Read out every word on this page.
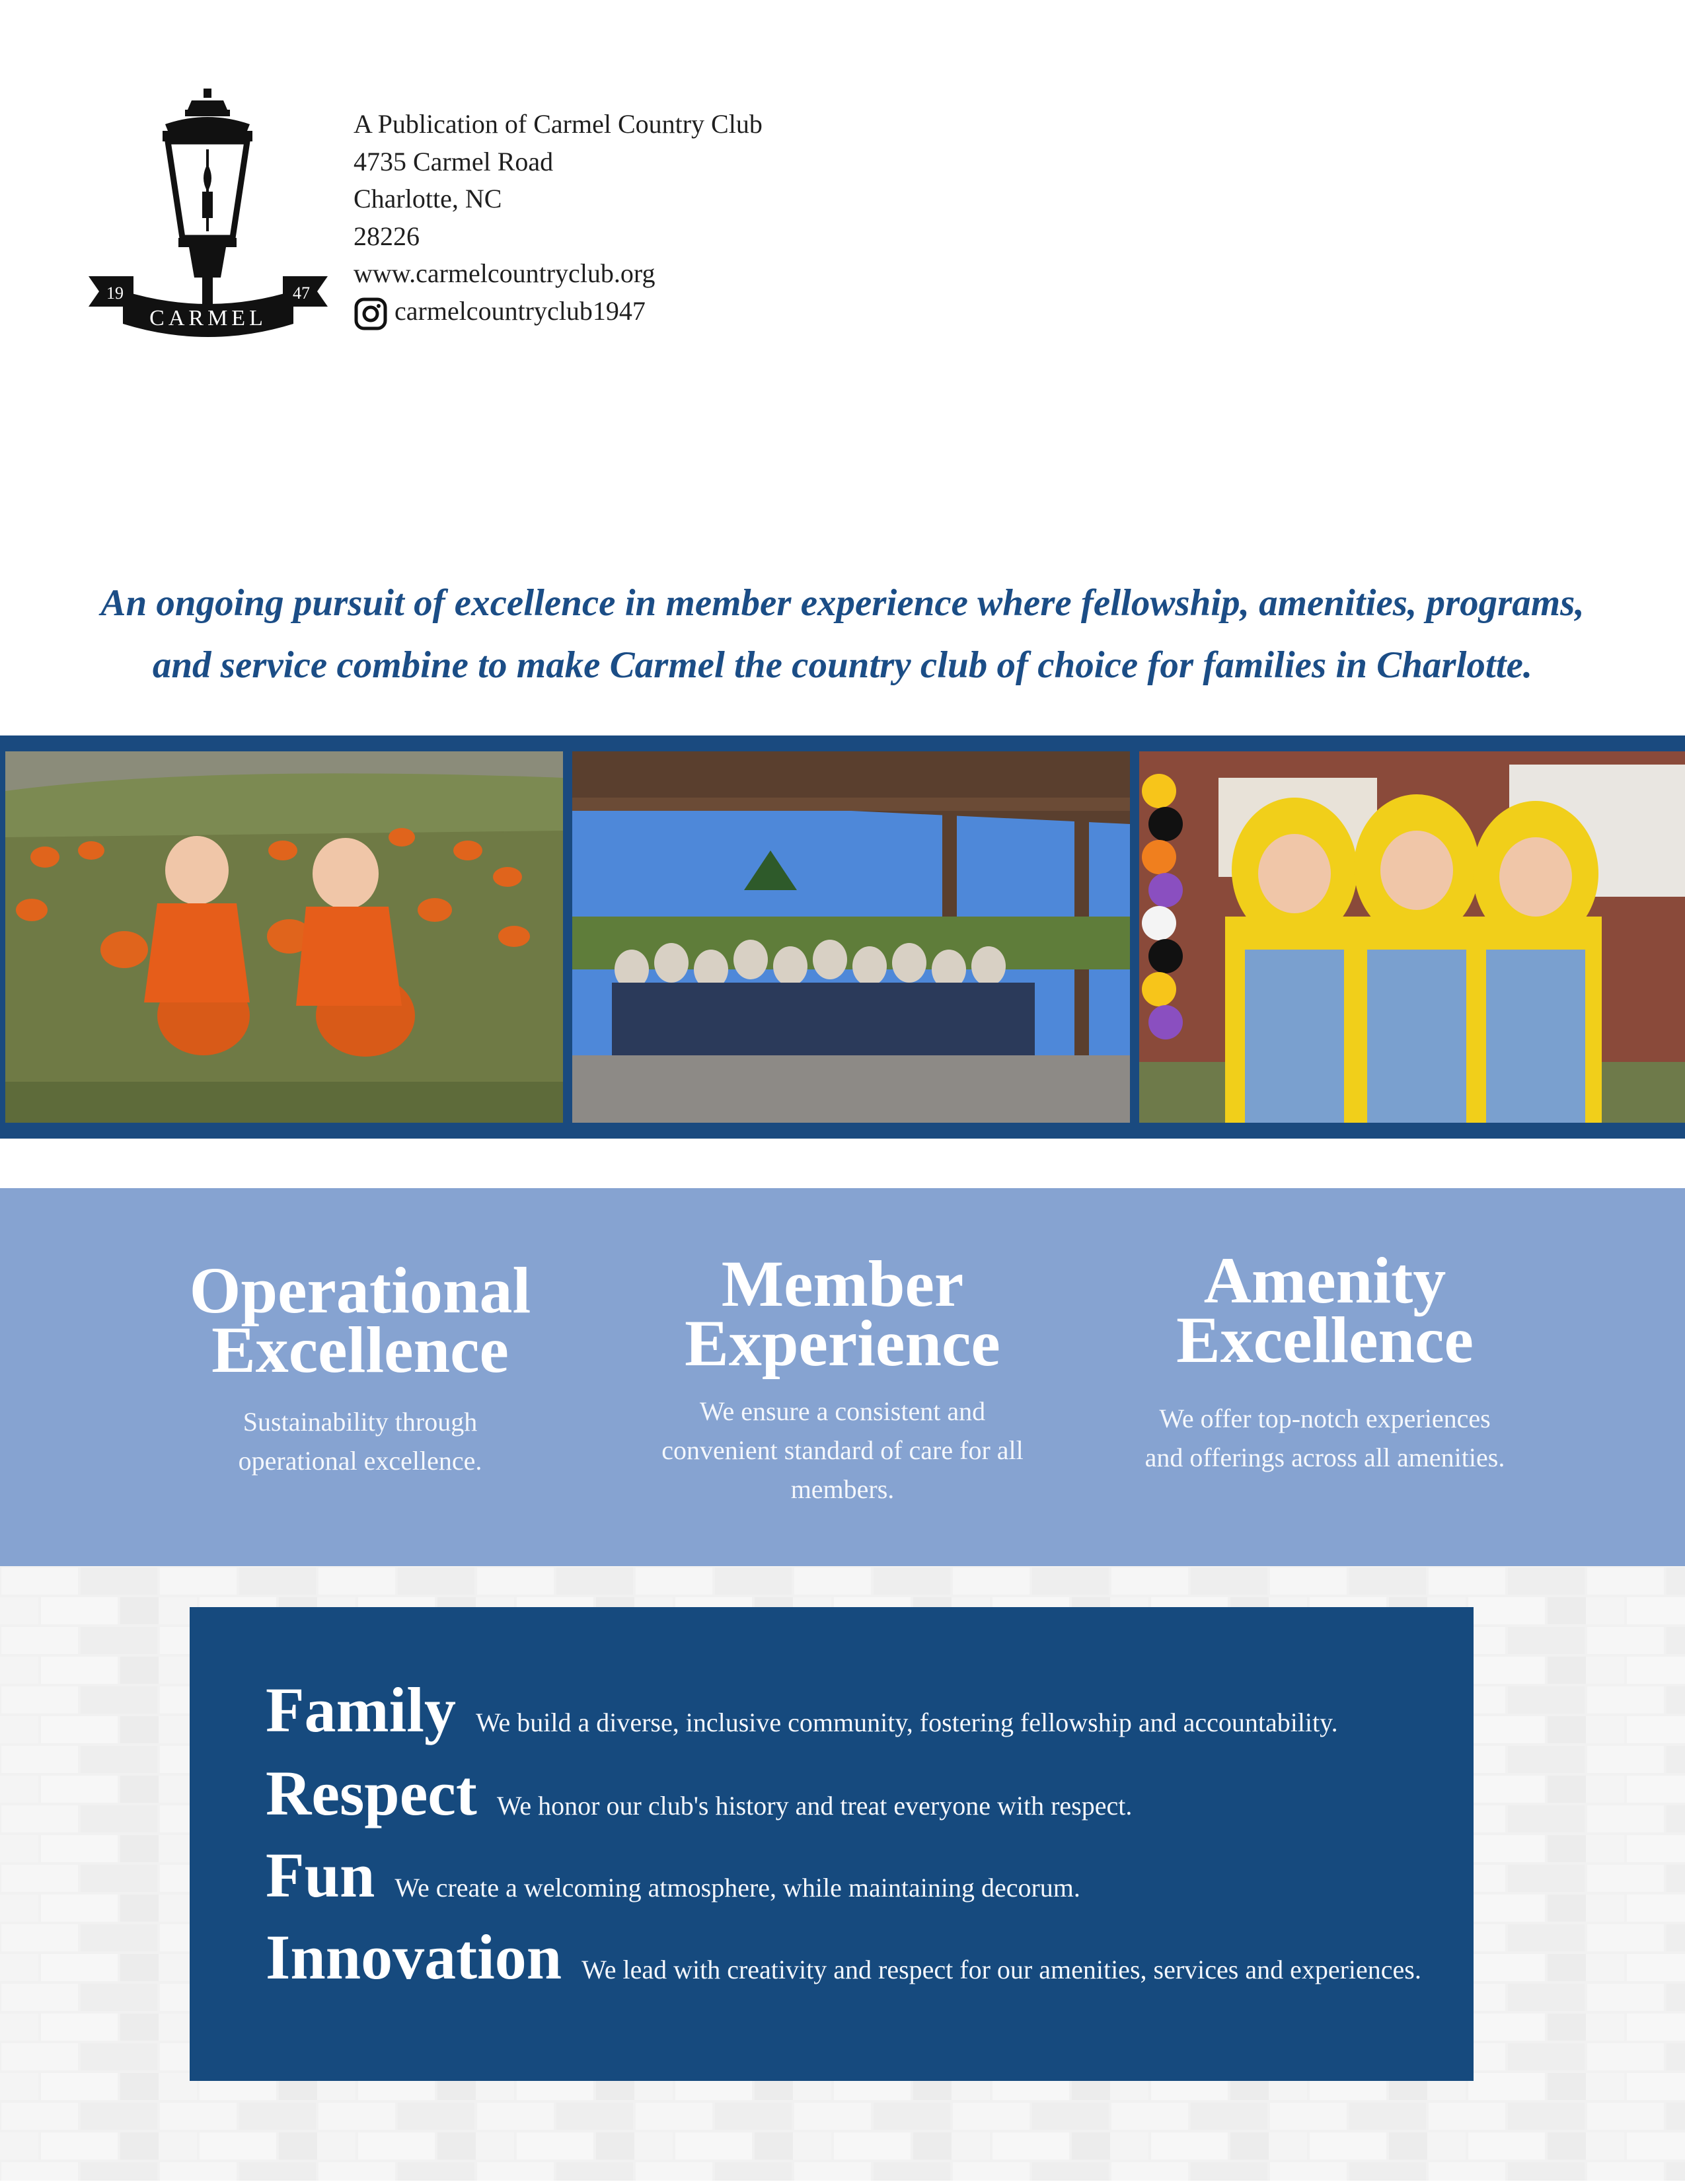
19	47
CARMEL
A Publication of Carmel Country Club
4735 Carmel Road
Charlotte, NC
28226
www.carmelcountryclub.org
carmelcountryclub1947
An ongoing pursuit of excellence in member experience where fellowship, amenities, programs,
and service combine to make Carmel the country club of choice for families in Charlotte.
Operational
Excellence

Sustainability through
operational excellence.

Member
Experience

We ensure a consistent and
convenient standard of care for all
members.

Amenity
Excellence

We offer top-notch experiences
and offerings across all amenities.

Family We build a diverse, inclusive community, fostering fellowship and accountability.
Respect We honor our club's history and treat everyone with respect.
Fun We create a welcoming atmosphere, while maintaining decorum.
Innovation We lead with creativity and respect for our amenities, services and experiences.
